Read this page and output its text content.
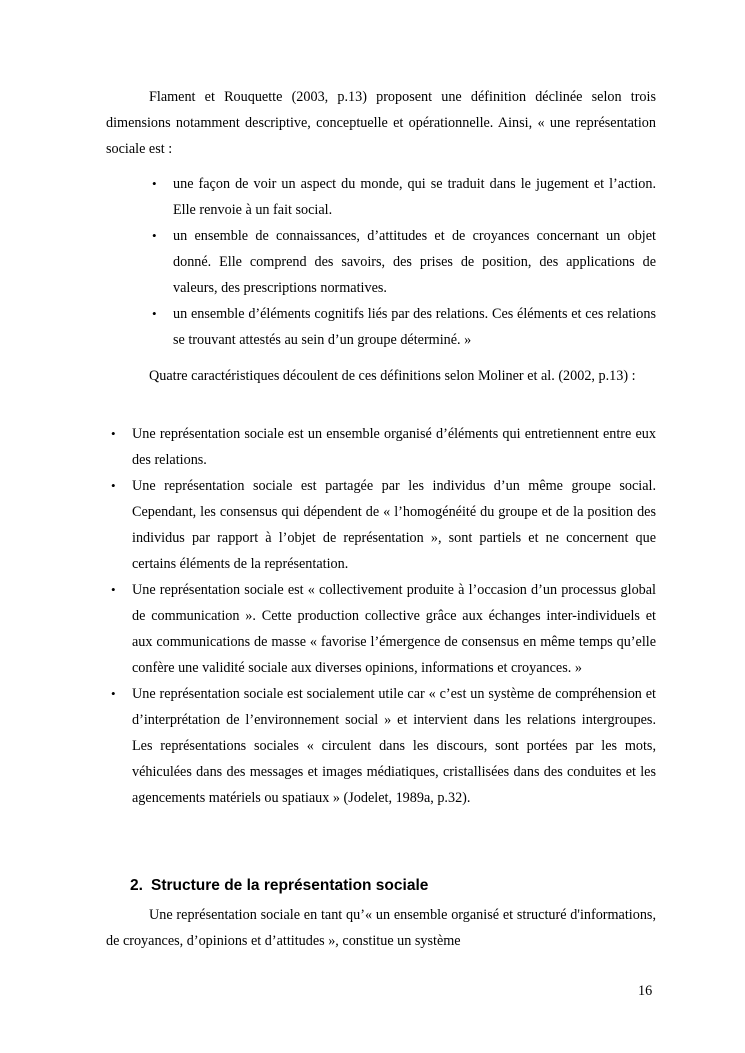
Flament et Rouquette (2003, p.13) proposent une définition déclinée selon trois dimensions notamment descriptive, conceptuelle et opérationnelle. Ainsi, « une représentation sociale est :

• une façon de voir un aspect du monde, qui se traduit dans le jugement et l’action. Elle renvoie à un fait social.
• un ensemble de connaissances, d’attitudes et de croyances concernant un objet donné. Elle comprend des savoirs, des prises de position, des applications de valeurs, des prescriptions normatives.
• un ensemble d’éléments cognitifs liés par des relations. Ces éléments et ces relations se trouvant attestés au sein d’un groupe déterminé. »

Quatre caractéristiques découlent de ces définitions selon Moliner et al. (2002, p.13) :

• Une représentation sociale est un ensemble organisé d’éléments qui entretiennent entre eux des relations.
• Une représentation sociale est partagée par les individus d’un même groupe social. Cependant, les consensus qui dépendent de « l’homogénéité du groupe et de la position des individus par rapport à l’objet de représentation », sont partiels et ne concernent que certains éléments de la représentation.
• Une représentation sociale est « collectivement produite à l’occasion d’un processus global de communication ». Cette production collective grâce aux échanges inter-individuels et aux communications de masse « favorise l’émergence de consensus en même temps qu’elle confère une validité sociale aux diverses opinions, informations et croyances. »
• Une représentation sociale est socialement utile car « c’est un système de compréhension et d’interprétation de l’environnement social » et intervient dans les relations intergroupes. Les représentations sociales « circulent dans les discours, sont portées par les mots, véhiculées dans des messages et images médiatiques, cristallisées dans des conduites et les agencements matériels ou spatiaux » (Jodelet, 1989a, p.32).
2. Structure de la représentation sociale

Une représentation sociale en tant qu’« un ensemble organisé et structuré d'informations, de croyances, d’opinions et d’attitudes », constitue un système

16
